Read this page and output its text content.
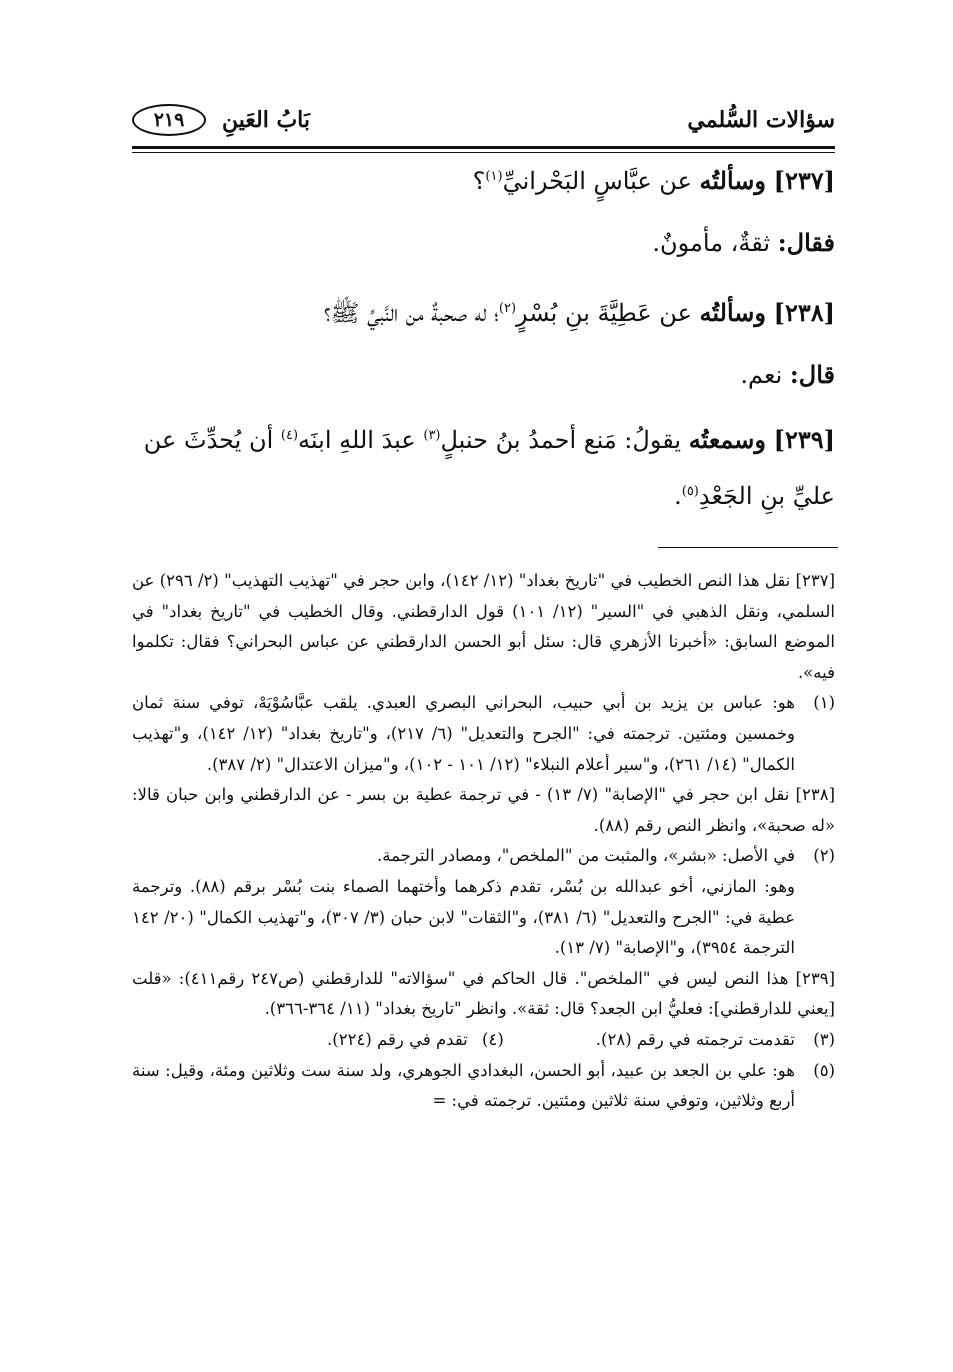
سؤالات السُّلمي
بَابُ العَينِ
٢١٩
[٢٣٧] وسألتُه عن عبَّاسٍ البَحْرانيِّ$^{(١)}$؟
فقال: ثقةٌ، مأمونٌ.
[٢٣٨] وسألتُه عن عَطِيَّةَ بنِ بُسْرٍ$^{(٢)}$؛ له صحبةٌ من النَّبيِّ ﷺ؟
قال: نعم.
[٢٣٩] وسمعتُه يقولُ: مَنع أحمدُ بنُ حنبلٍ$^{(٣)}$ عبدَ اللهِ ابنَه$^{(٤)}$ أن يُحدِّثَ عن عليِّ بنِ الجَعْدِ$^{(٥)}$.

[٢٣٧] نقل هذا النص الخطيب في "تاريخ بغداد" (١٢/ ١٤٢)، وابن حجر في "تهذيب التهذيب" (٢/ ٢٩٦) عن السلمي، ونقل الذهبي في "السير" (١٢/ ١٠١) قول الدارقطني. وقال الخطيب في "تاريخ بغداد" في الموضع السابق: «أخبرنا الأزهري قال: سئل أبو الحسن الدارقطني عن عباس البحراني؟ فقال: تكلموا فيه».

(١)

هو: عباس بن يزيد بن أبي حبيب، البحراني البصري العبدي. يلقب عبَّاسُوْيَهْ، توفي سنة ثمان وخمسين ومئتين. ترجمته في: "الجرح والتعديل" (٦/ ٢١٧)، و"تاريخ بغداد" (١٢/ ١٤٢)، و"تهذيب الكمال" (١٤/ ٢٦١)، و"سير أعلام النبلاء" (١٢/ ١٠١ - ١٠٢)، و"ميزان الاعتدال" (٢/ ٣٨٧).

[٢٣٨] نقل ابن حجر في "الإصابة" (٧/ ١٣) - في ترجمة عطية بن بسر - عن الدارقطني وابن حبان قالا: «له صحبة»، وانظر النص رقم (٨٨).

(٢)

في الأصل: «بشر»، والمثبت من "الملخص"، ومصادر الترجمة.

وهو: المازني، أخو عبدالله بن بُسْر، تقدم ذكرهما وأختهما الصماء بنت بُسْر برقم (٨٨). وترجمة عطية في: "الجرح والتعديل" (٦/ ٣٨١)، و"الثقات" لابن حبان (٣/ ٣٠٧)، و"تهذيب الكمال" (٢٠/ ١٤٢ الترجمة ٣٩٥٤)، و"الإصابة" (٧/ ١٣).

[٢٣٩] هذا النص ليس في "الملخص". قال الحاكم في "سؤالاته" للدارقطني (ص٢٤٧ رقم٤١١): «قلت [يعني للدارقطني]: فعليُّ ابن الجعد؟ قال: ثقة». وانظر "تاريخ بغداد" (١١/ ٣٦٤-٣٦٦).

(٣)
تقدمت ترجمته في رقم (٢٨).
(٤)
تقدم في رقم (٢٢٤).
(٥)

هو: علي بن الجعد بن عبيد، أبو الحسن، البغدادي الجوهري، ولد سنة ست وثلاثين ومئة، وقيل: سنة أربع وثلاثين، وتوفي سنة ثلاثين ومئتين. ترجمته في: =
